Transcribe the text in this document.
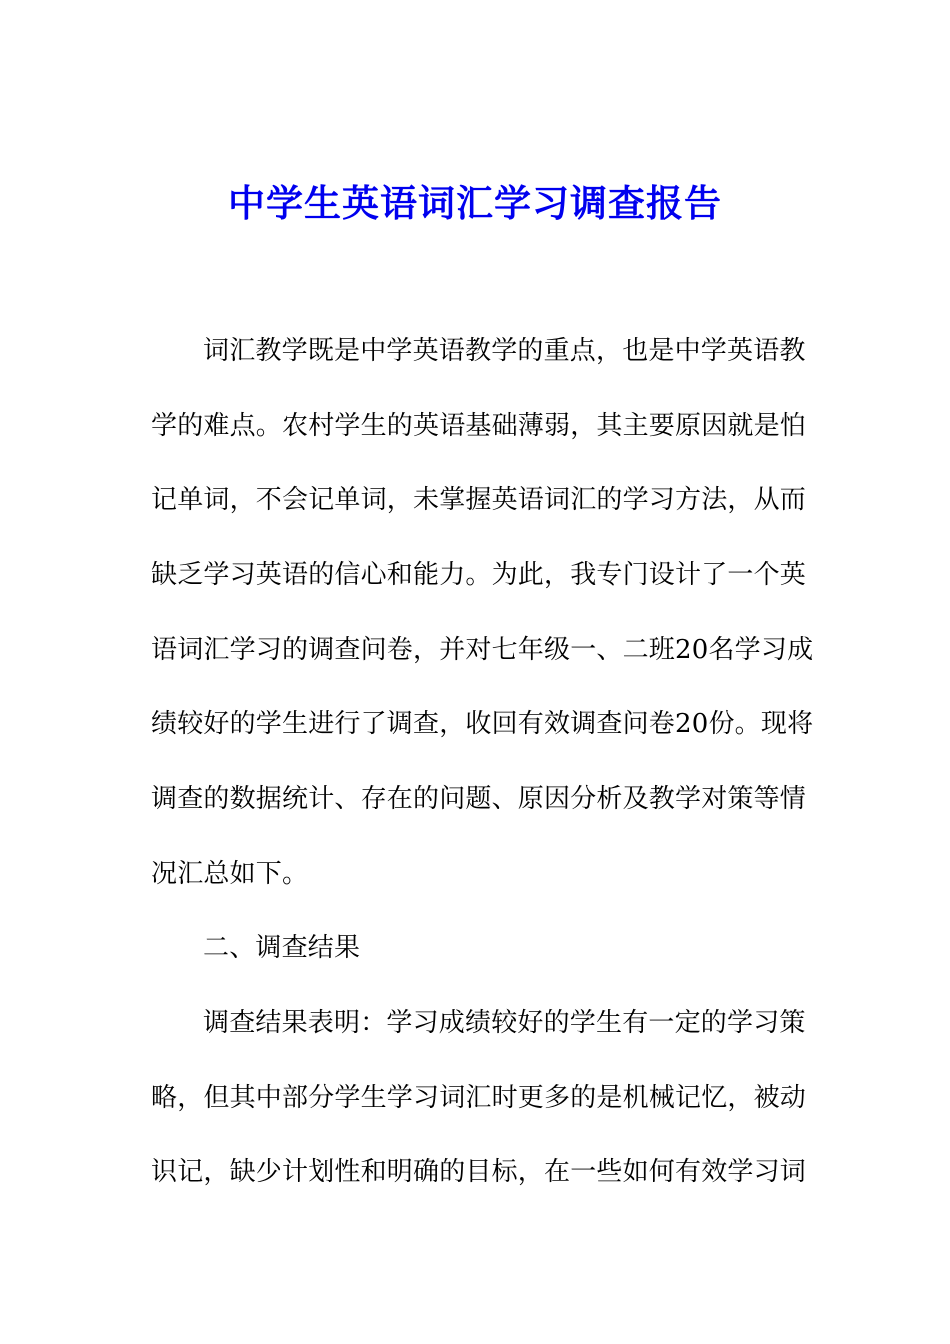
中学生英语词汇学习调查报告
词汇教学既是中学英语教学的重点，也是中学英语教
学的难点。农村学生的英语基础薄弱，其主要原因就是怕
记单词，不会记单词，未掌握英语词汇的学习方法，从而
缺乏学习英语的信心和能力。为此，我专门设计了一个英
语词汇学习的调查问卷，并对七年级一、二班20名学习成
绩较好的学生进行了调查，收回有效调查问卷20份。现将
调查的数据统计、存在的问题、原因分析及教学对策等情
况汇总如下。
二、调查结果
调查结果表明：学习成绩较好的学生有一定的学习策
略，但其中部分学生学习词汇时更多的是机械记忆，被动
识记，缺少计划性和明确的目标，在一些如何有效学习词
